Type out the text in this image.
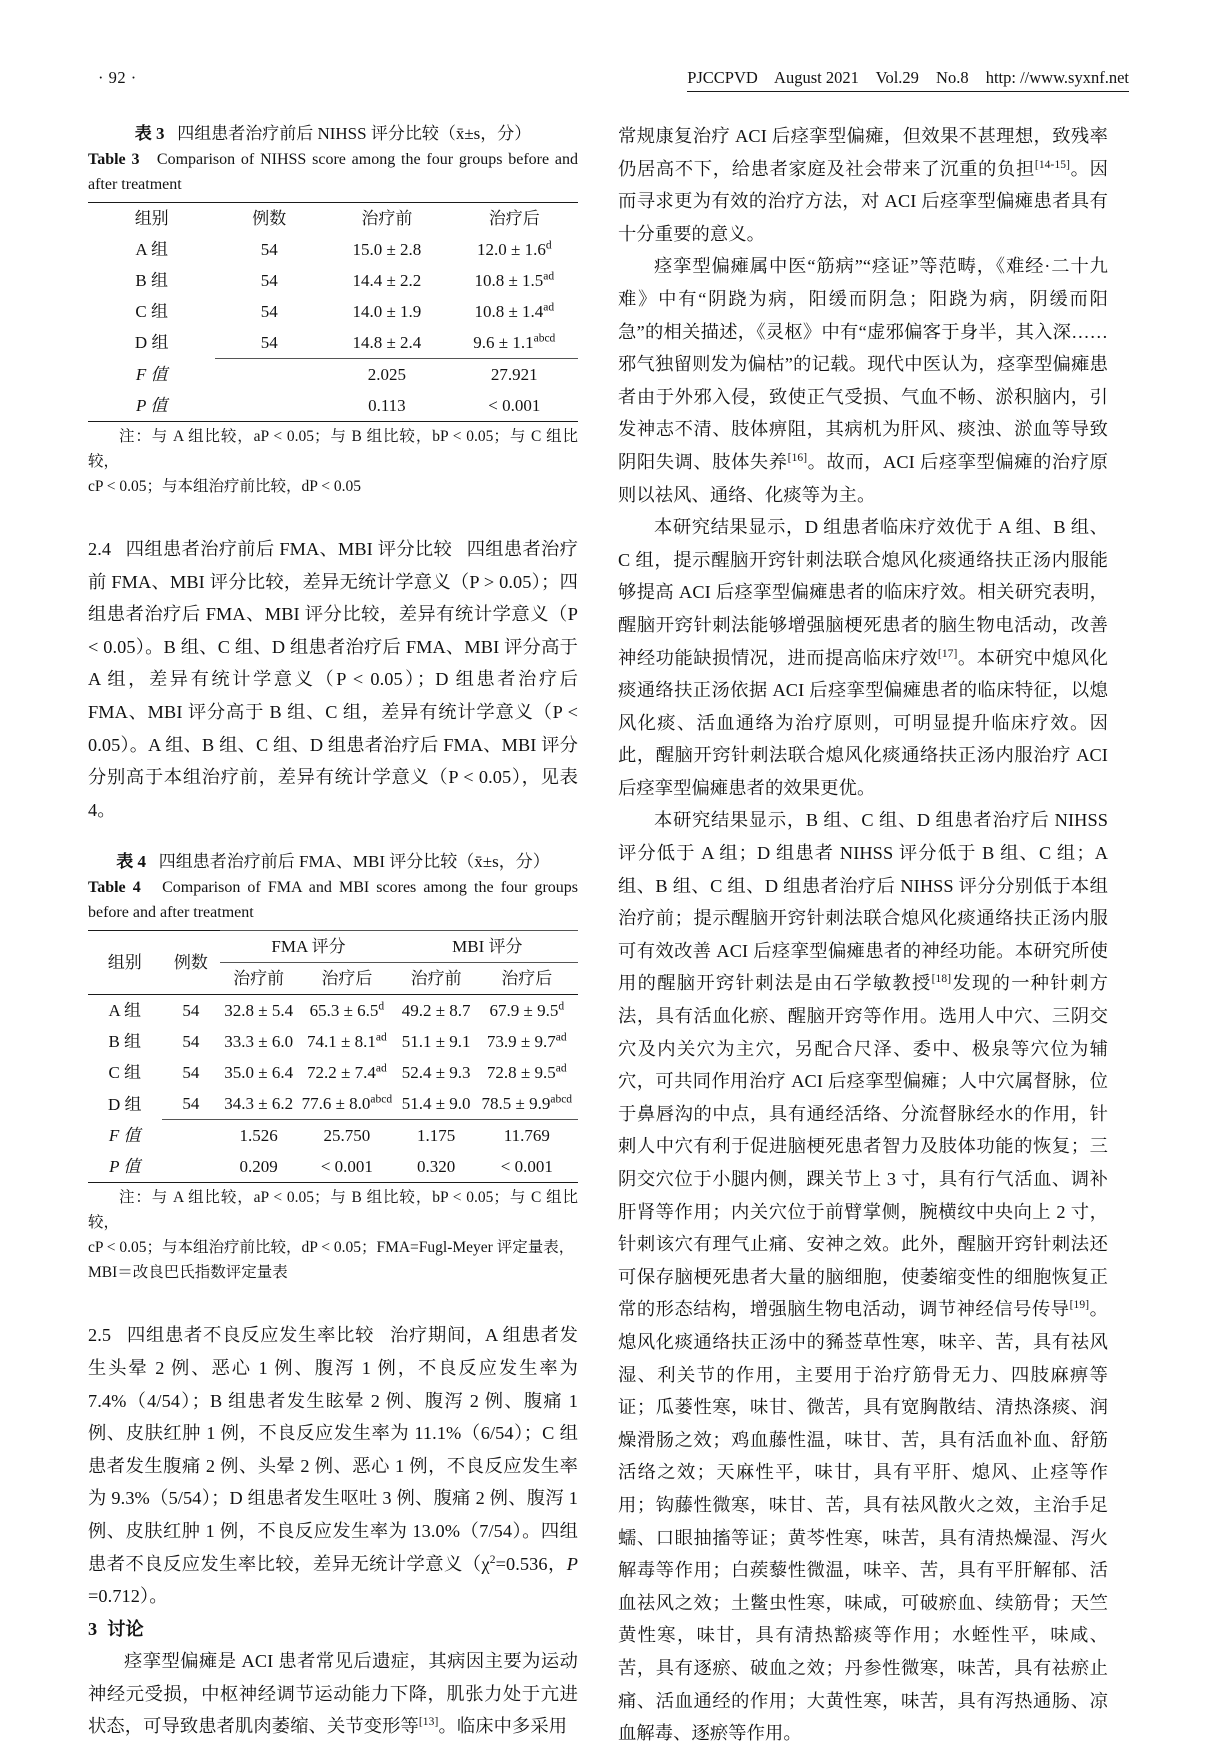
· 92 ·	PJCCPVD August 2021 Vol.29 No.8 http: //www.syxnf.net

表 3 四组患者治疗前后 NIHSS 评分比较（x̄±s，分）

Table 3 Comparison of NIHSS score among the four groups before and after treatment

组别	例数	治疗前	治疗后
A 组	54	15.0 ± 2.8	12.0 ± 1.6$^d$
B 组	54	14.4 ± 2.2	10.8 ± 1.5$^{ad}$
C 组	54	14.0 ± 1.9	10.8 ± 1.4$^{ad}$
D 组	54	14.8 ± 2.4	$9.6 \pm 1.1^{abcd}$
F 值		2.025	27.921
P 值		0.113	< 0.001

注：与 A 组比较，aP < 0.05；与 B 组比较，bP < 0.05；与 C 组比较，
cP < 0.05；与本组治疗前比较，dP < 0.05

2.4 四组患者治疗前后 FMA、MBI 评分比较 四组患者治疗前 FMA、MBI 评分比较，差异无统计学意义（P > 0.05）；四组患者治疗后 FMA、MBI 评分比较，差异有统计学意义（P < 0.05）。B 组、C 组、D 组患者治疗后 FMA、MBI 评分高于 A 组，差异有统计学意义（P < 0.05）；D 组患者治疗后 FMA、MBI 评分高于 B 组、C 组，差异有统计学意义（P < 0.05）。A 组、B 组、C 组、D 组患者治疗后 FMA、MBI 评分分别高于本组治疗前，差异有统计学意义（P < 0.05），见表 4。

表 4 四组患者治疗前后 FMA、MBI 评分比较（x̄±s，分）

Table 4 Comparison of FMA and MBI scores among the four groups before and after treatment

组别	例数	FMA 评分		MBI 评分	
		治疗前	治疗后	治疗前	治疗后
A 组	54	32.8 ± 5.4	65.3 ± 6.5$^d$	49.2 ± 8.7	67.9 ± 9.5$^d$
B 组	54	33.3 ± 6.0	74.1 ± 8.1$^{ad}$	51.1 ± 9.1	73.9 ± 9.7$^{ad}$
C 组	54	35.0 ± 6.4	72.2 ± 7.4$^{ad}$	52.4 ± 9.3	72.8 ± 9.5$^{ad}$
D 组	54	34.3 ± 6.2	$77.6 \pm 8.0^{abcd}$	51.4 ± 9.0	$78.5 \pm 9.9^{abcd}$
F 值		1.526	25.750	1.175	11.769
P 值		0.209	< 0.001	0.320	< 0.001

注：与 A 组比较，aP < 0.05；与 B 组比较，bP < 0.05；与 C 组比较，
cP < 0.05；与本组治疗前比较，dP < 0.05；FMA=Fugl-Meyer 评定量表，
MBI＝改良巴氏指数评定量表

2.5 四组患者不良反应发生率比较 治疗期间，A 组患者发生头晕 2 例、恶心 1 例、腹泻 1 例，不良反应发生率为 7.4%（4/54）；B 组患者发生眩晕 2 例、腹泻 2 例、腹痛 1 例、皮肤红肿 1 例，不良反应发生率为 11.1%（6/54）；C 组患者发生腹痛 2 例、头晕 2 例、恶心 1 例，不良反应发生率为 9.3%（5/54）；D 组患者发生呕吐 3 例、腹痛 2 例、腹泻 1 例、皮肤红肿 1 例，不良反应发生率为 13.0%（7/54）。四组患者不良反应发生率比较，差异无统计学意义（$\chi^2=0.536$，P =0.712）。

3 讨论

痉挛型偏瘫是 ACI 患者常见后遗症，其病因主要为运动神经元受损，中枢神经调节运动能力下降，肌张力处于亢进状态，可导致患者肌肉萎缩、关节变形等[13]。临床中多采用

常规康复治疗 ACI 后痉挛型偏瘫，但效果不甚理想，致残率仍居高不下，给患者家庭及社会带来了沉重的负担[14-15]。因而寻求更为有效的治疗方法，对 ACI 后痉挛型偏瘫患者具有十分重要的意义。

痉挛型偏瘫属中医“筋病”“痉证”等范畴，《难经·二十九难》中有“阴跷为病，阳缓而阴急；阳跷为病，阴缓而阳急”的相关描述，《灵枢》中有“虚邪偏客于身半，其入深……邪气独留则发为偏枯”的记载。现代中医认为，痉挛型偏瘫患者由于外邪入侵，致使正气受损、气血不畅、淤积脑内，引发神志不清、肢体痹阻，其病机为肝风、痰浊、淤血等导致阴阳失调、肢体失养[16]。故而，ACI 后痉挛型偏瘫的治疗原则以祛风、通络、化痰等为主。

本研究结果显示，D 组患者临床疗效优于 A 组、B 组、C 组，提示醒脑开窍针刺法联合熄风化痰通络扶正汤内服能够提高 ACI 后痉挛型偏瘫患者的临床疗效。相关研究表明，醒脑开窍针刺法能够增强脑梗死患者的脑生物电活动，改善神经功能缺损情况，进而提高临床疗效[17]。本研究中熄风化痰通络扶正汤依据 ACI 后痉挛型偏瘫患者的临床特征，以熄风化痰、活血通络为治疗原则，可明显提升临床疗效。因此，醒脑开窍针刺法联合熄风化痰通络扶正汤内服治疗 ACI 后痉挛型偏瘫患者的效果更优。

本研究结果显示，B 组、C 组、D 组患者治疗后 NIHSS 评分低于 A 组；D 组患者 NIHSS 评分低于 B 组、C 组；A 组、B 组、C 组、D 组患者治疗后 NIHSS 评分分别低于本组治疗前；提示醒脑开窍针刺法联合熄风化痰通络扶正汤内服可有效改善 ACI 后痉挛型偏瘫患者的神经功能。本研究所使用的醒脑开窍针刺法是由石学敏教授[18]发现的一种针刺方法，具有活血化瘀、醒脑开窍等作用。选用人中穴、三阴交穴及内关穴为主穴，另配合尺泽、委中、极泉等穴位为辅穴，可共同作用治疗 ACI 后痉挛型偏瘫；人中穴属督脉，位于鼻唇沟的中点，具有通经活络、分流督脉经水的作用，针刺人中穴有利于促进脑梗死患者智力及肢体功能的恢复；三阴交穴位于小腿内侧，踝关节上 3 寸，具有行气活血、调补肝肾等作用；内关穴位于前臂掌侧，腕横纹中央向上 2 寸，针刺该穴有理气止痛、安神之效。此外，醒脑开窍针刺法还可保存脑梗死患者大量的脑细胞，使萎缩变性的细胞恢复正常的形态结构，增强脑生物电活动，调节神经信号传导[19]。熄风化痰通络扶正汤中的豨莶草性寒，味辛、苦，具有祛风湿、利关节的作用，主要用于治疗筋骨无力、四肢麻痹等证；瓜蒌性寒，味甘、微苦，具有宽胸散结、清热涤痰、润燥滑肠之效；鸡血藤性温，味甘、苦，具有活血补血、舒筋活络之效；天麻性平，味甘，具有平肝、熄风、止痉等作用；钩藤性微寒，味甘、苦，具有祛风散火之效，主治手足蠕、口眼抽搐等证；黄芩性寒，味苦，具有清热燥湿、泻火解毒等作用；白蒺藜性微温，味辛、苦，具有平肝解郁、活血祛风之效；土鳖虫性寒，味咸，可破瘀血、续筋骨；天竺黄性寒，味甘，具有清热豁痰等作用；水蛭性平，味咸、苦，具有逐瘀、破血之效；丹参性微寒，味苦，具有祛瘀止痛、活血通经的作用；大黄性寒，味苦，具有泻热通肠、凉血解毒、逐瘀等作用。
